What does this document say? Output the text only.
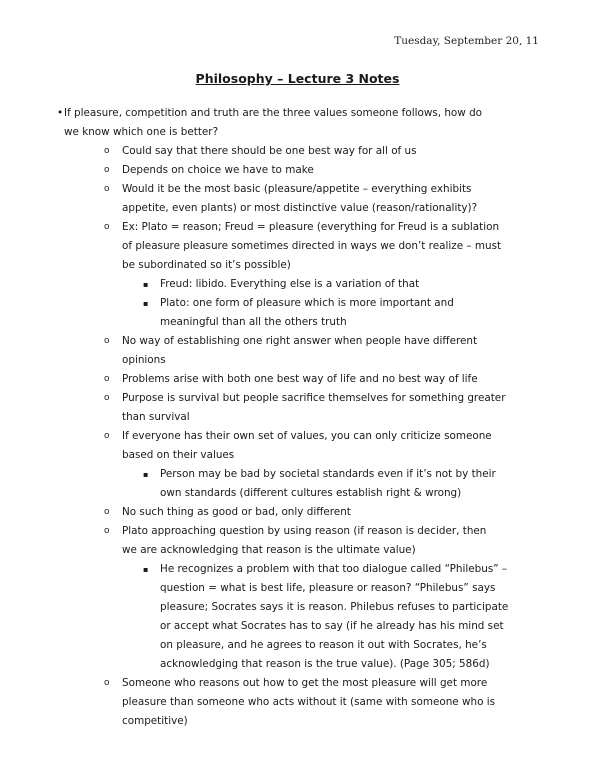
Tuesday, September 20, 11
Philosophy – Lecture 3 Notes
• If pleasure, competition and truth are the three values someone follows, how do
we know which one is better?
o Could say that there should be one best way for all of us
o Depends on choice we have to make
o Would it be the most basic (pleasure/appetite – everything exhibits
appetite, even plants) or most distinctive value (reason/rationality)?
o Ex: Plato = reason; Freud = pleasure (everything for Freud is a sublation
of pleasure pleasure sometimes directed in ways we don’t realize – must
be subordinated so it’s possible)
▪ Freud: libido. Everything else is a variation of that
▪ Plato: one form of pleasure which is more important and
meaningful than all the others truth
o No way of establishing one right answer when people have different
opinions
o Problems arise with both one best way of life and no best way of life
o Purpose is survival but people sacrifice themselves for something greater
than survival
o If everyone has their own set of values, you can only criticize someone
based on their values
▪ Person may be bad by societal standards even if it’s not by their
own standards (different cultures establish right & wrong)
o No such thing as good or bad, only different
o Plato approaching question by using reason (if reason is decider, then
we are acknowledging that reason is the ultimate value)
▪ He recognizes a problem with that too dialogue called “Philebus” –
question = what is best life, pleasure or reason? “Philebus” says
pleasure; Socrates says it is reason. Philebus refuses to participate
or accept what Socrates has to say (if he already has his mind set
on pleasure, and he agrees to reason it out with Socrates, he’s
acknowledging that reason is the true value). (Page 305; 586d)
o Someone who reasons out how to get the most pleasure will get more
pleasure than someone who acts without it (same with someone who is
competitive)
